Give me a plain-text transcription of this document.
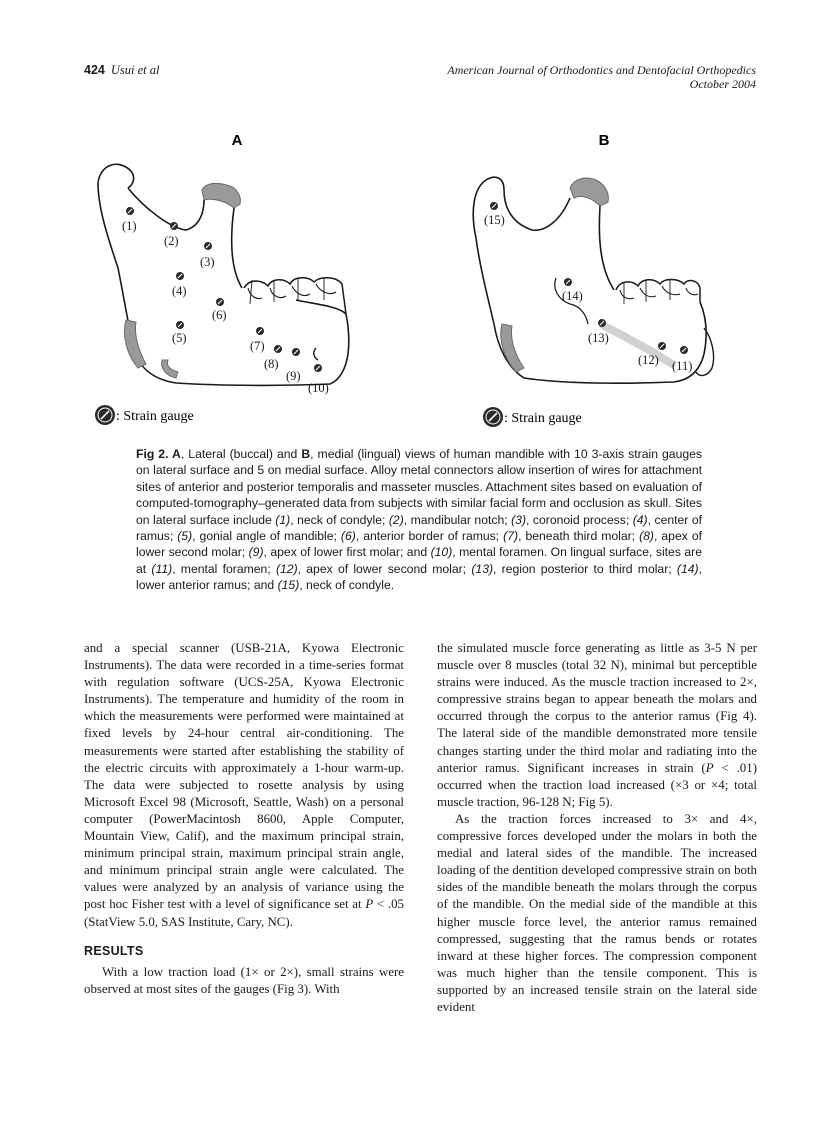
424 Usui et al	American Journal of Orthodontics and Dentofacial Orthopedics
October 2004
A	B
(1)
(2)
(3)
(4)
(5)
(6)
(7)
(8)
(9)
(10)
: Strain gauge
(15)
(14)
(13)
(12) (11)
: Strain gauge
Fig 2. A, Lateral (buccal) and B, medial (lingual) views of human mandible with 10 3-axis strain gauges on lateral surface and 5 on medial surface. Alloy metal connectors allow insertion of wires for attachment sites of anterior and posterior temporalis and masseter muscles. Attachment sites based on evaluation of computed-tomography–generated data from subjects with similar facial form and occlusion as skull. Sites on lateral surface include (1), neck of condyle; (2), mandibular notch; (3), coronoid process; (4), center of ramus; (5), gonial angle of mandible; (6), anterior border of ramus; (7), beneath third molar; (8), apex of lower second molar; (9), apex of lower first molar; and (10), mental foramen. On lingual surface, sites are at (11), mental foramen; (12), apex of lower second molar; (13), region posterior to third molar; (14), lower anterior ramus; and (15), neck of condyle.

and a special scanner (USB-21A, Kyowa Electronic Instruments). The data were recorded in a time-series format with regulation software (UCS-25A, Kyowa Electronic Instruments). The temperature and humidity of the room in which the measurements were performed were maintained at fixed levels by 24-hour central air-conditioning. The measurements were started after establishing the stability of the electric circuits with approximately a 1-hour warm-up. The data were subjected to rosette analysis by using Microsoft Excel 98 (Microsoft, Seattle, Wash) on a personal computer (PowerMacintosh 8600, Apple Computer, Mountain View, Calif), and the maximum principal strain, minimum principal strain, maximum principal strain angle, and minimum principal strain angle were calculated. The values were analyzed by an analysis of variance using the post hoc Fisher test with a level of significance set at P < .05 (StatView 5.0, SAS Institute, Cary, NC).

RESULTS

With a low traction load (1× or 2×), small strains were observed at most sites of the gauges (Fig 3). With

the simulated muscle force generating as little as 3-5 N per muscle over 8 muscles (total 32 N), minimal but perceptible strains were induced. As the muscle traction increased to 2×, compressive strains began to appear beneath the molars and occurred through the corpus to the anterior ramus (Fig 4). The lateral side of the mandible demonstrated more tensile changes starting under the third molar and radiating into the anterior ramus. Significant increases in strain (P < .01) occurred when the traction load increased (×3 or ×4; total muscle traction, 96-128 N; Fig 5).

As the traction forces increased to 3× and 4×, compressive forces developed under the molars in both the medial and lateral sides of the mandible. The increased loading of the dentition developed compressive strain on both sides of the mandible beneath the molars through the corpus of the mandible. On the medial side of the mandible at this higher muscle force level, the anterior ramus remained compressed, suggesting that the ramus bends or rotates inward at these higher forces. The compression component was much higher than the tensile component. This is supported by an increased tensile strain on the lateral side evident
